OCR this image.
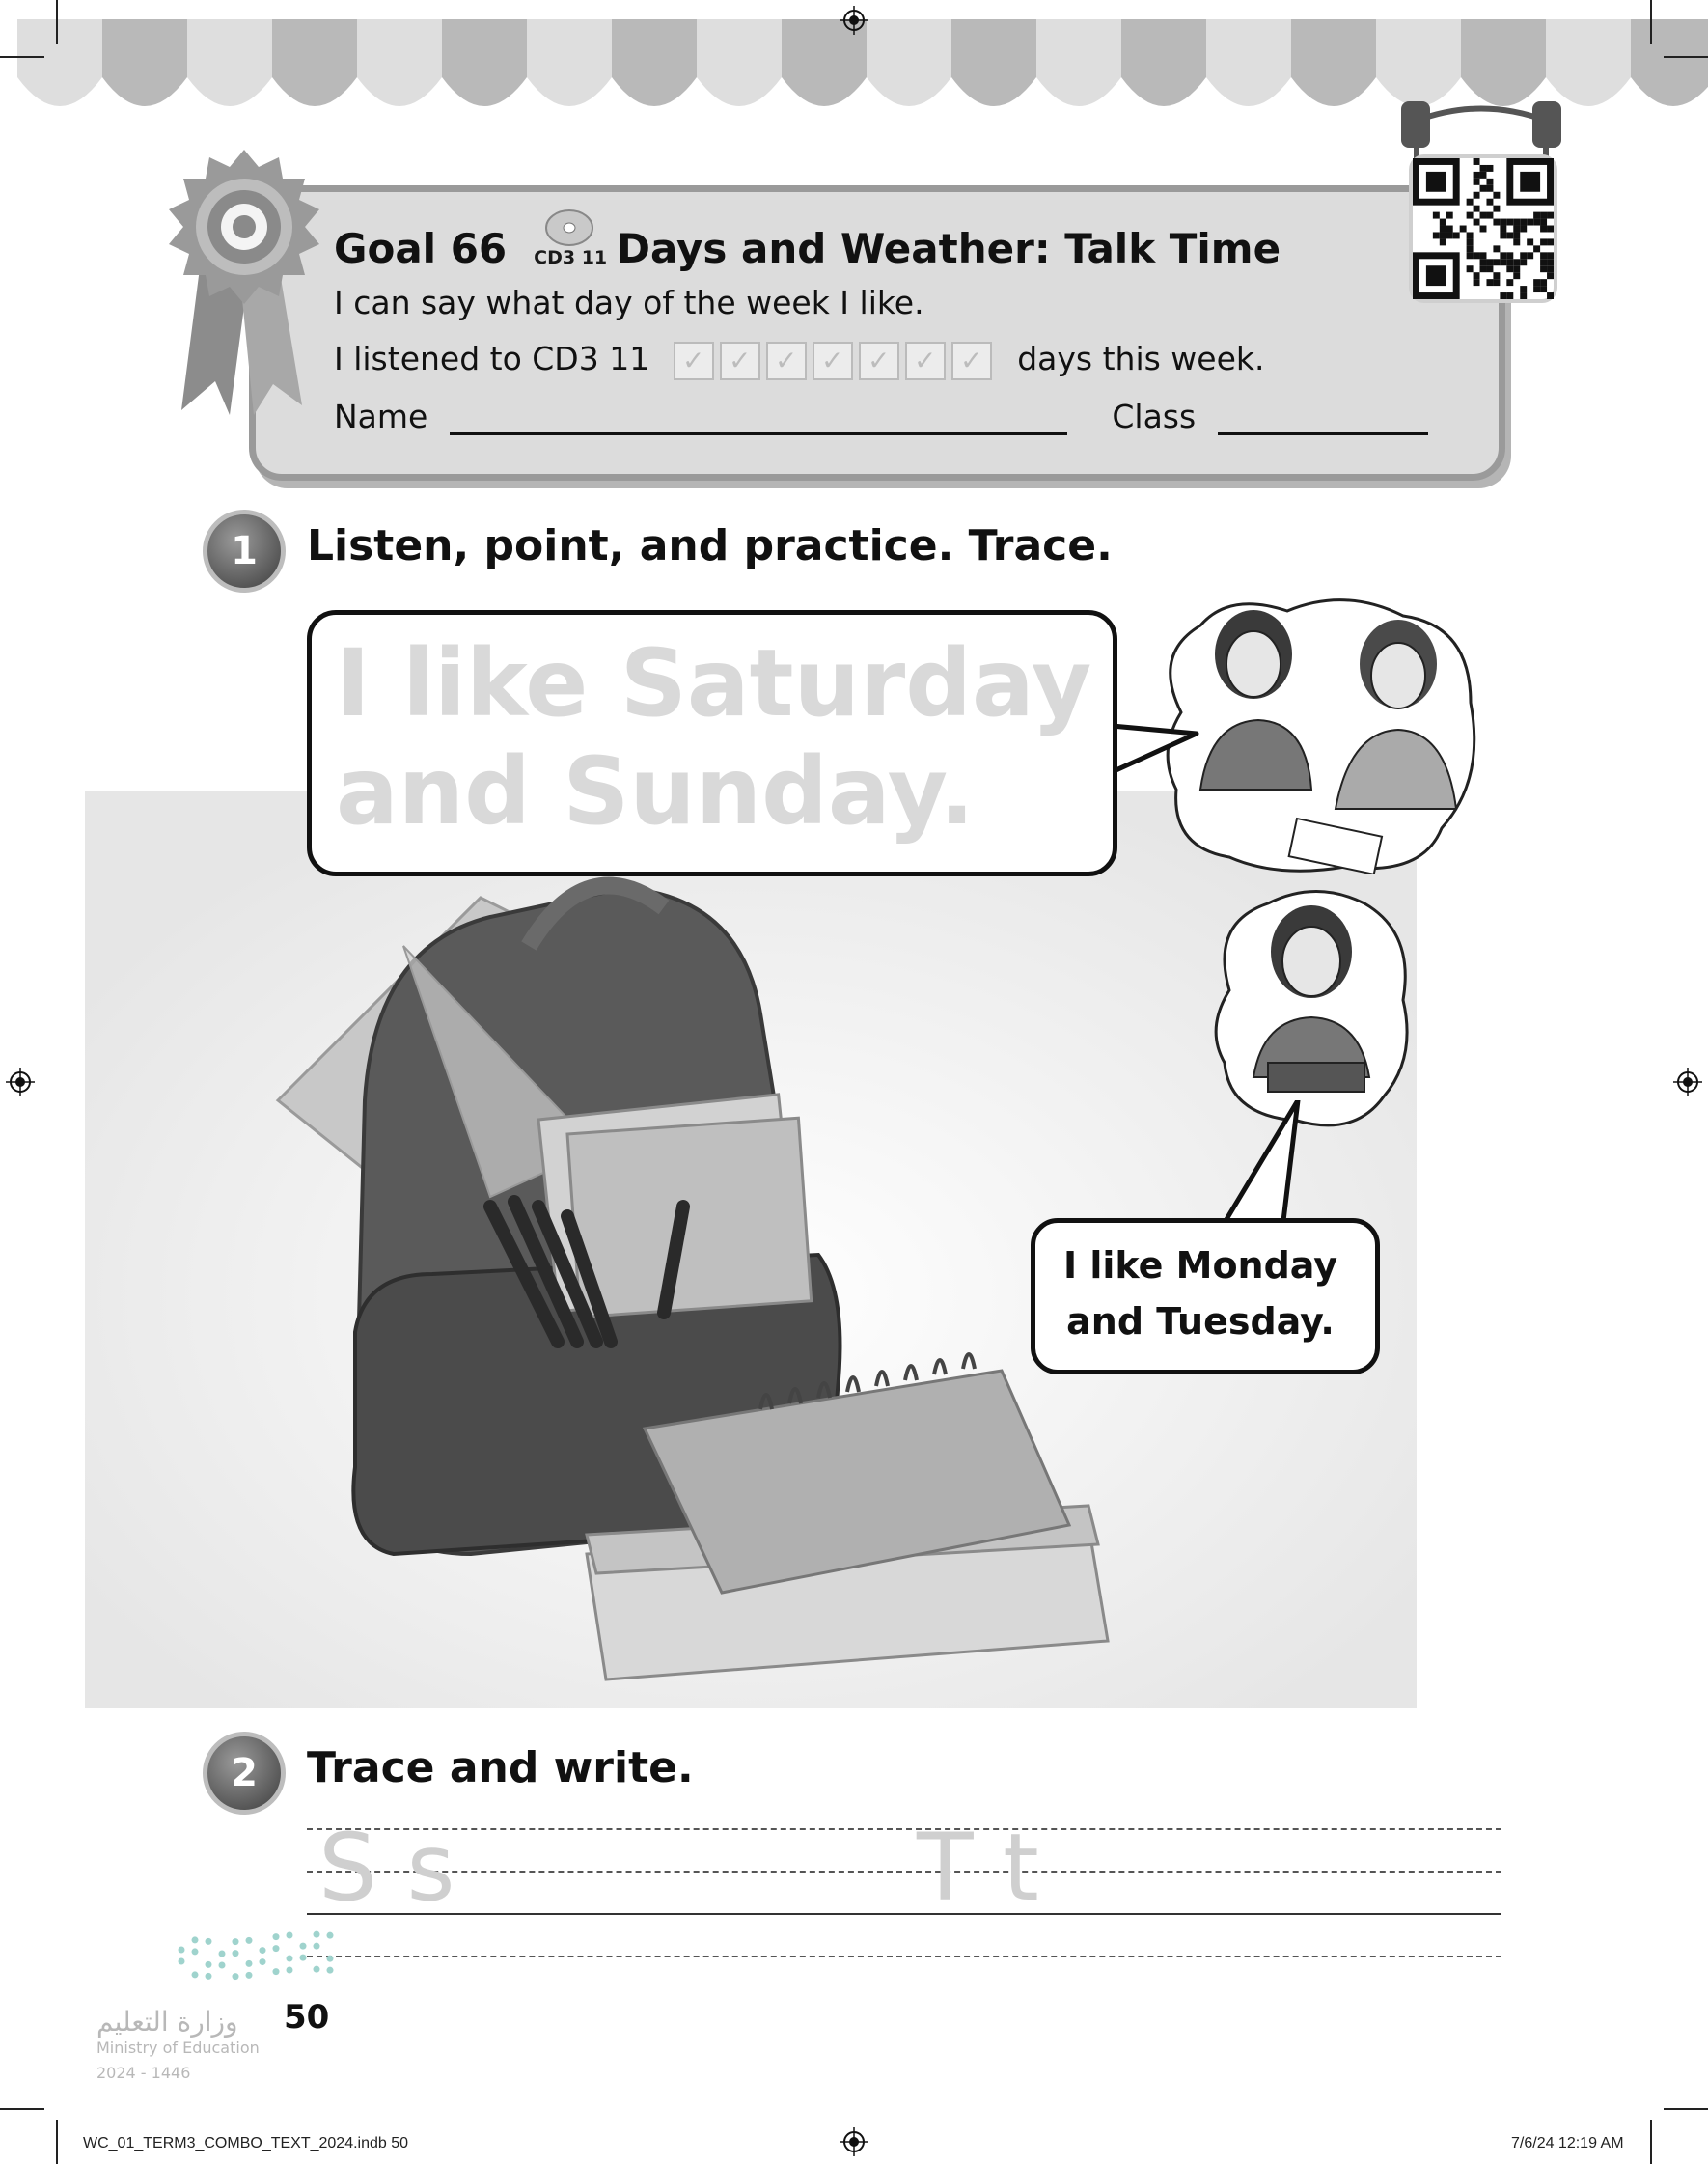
Goal 66 CD3 11 Days and Weather: Talk Time
I can say what day of the week I like.
I listened to CD3 11 ✓ ✓ ✓ ✓ ✓ ✓ ✓ days this week.
Name	Class
1	Listen, point, and practice. Trace.
I like Saturday and Sunday.
I like Monday and Tuesday.
2	Trace and write.
S s	T t
وزارة التعليم
Ministry of Education
2024 - 1446
50
WC_01_TERM3_COMBO_TEXT_2024.indb 50	7/6/24 12:19 AM
